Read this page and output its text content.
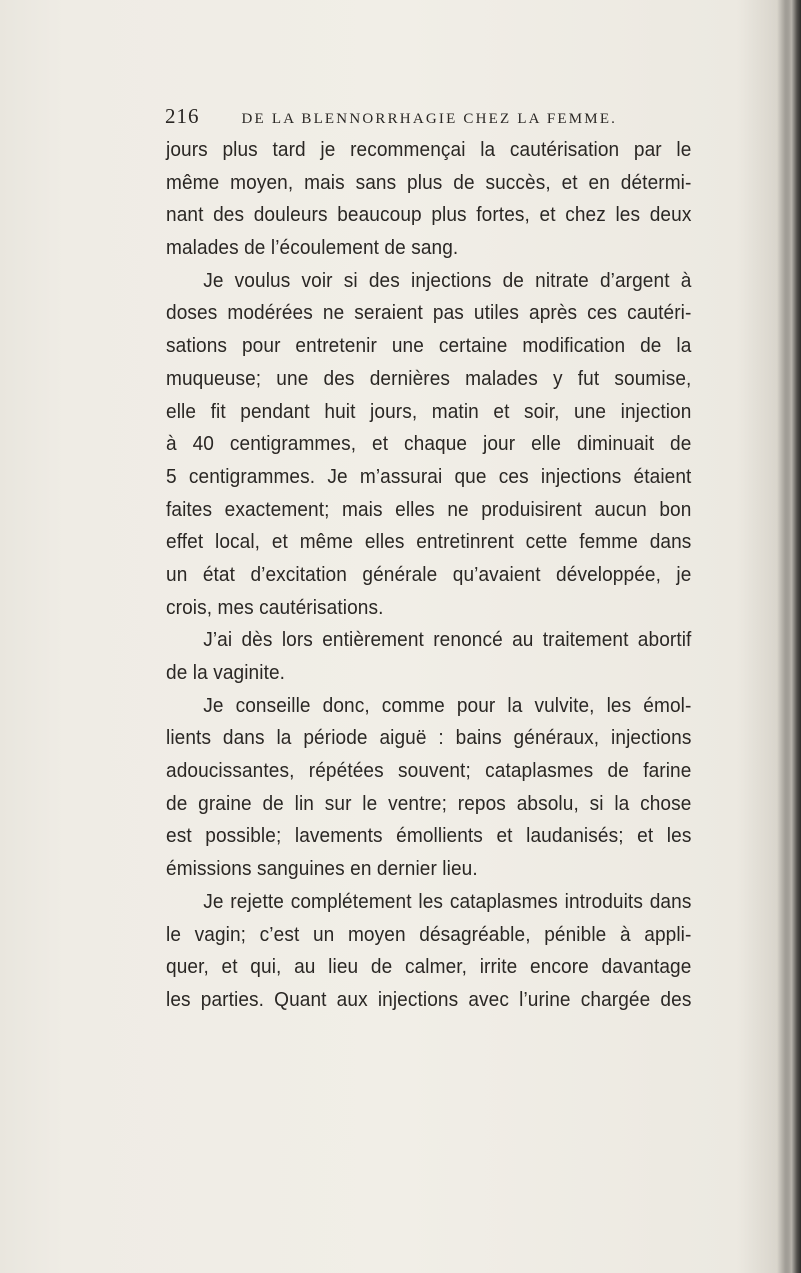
216	DE LA BLENNORRHAGIE CHEZ LA FEMME.
jours plus tard je recommençai la cautérisation par le
même moyen, mais sans plus de succès, et en détermi-
nant des douleurs beaucoup plus fortes, et chez les deux
malades de l’écoulement de sang.
Je voulus voir si des injections de nitrate d’argent à
doses modérées ne seraient pas utiles après ces cautéri-
sations pour entretenir une certaine modification de la
muqueuse; une des dernières malades y fut soumise,
elle fit pendant huit jours, matin et soir, une injection
à 40 centigrammes, et chaque jour elle diminuait de
5 centigrammes. Je m’assurai que ces injections étaient
faites exactement; mais elles ne produisirent aucun bon
effet local, et même elles entretinrent cette femme dans
un état d’excitation générale qu’avaient développée, je
crois, mes cautérisations.
J’ai dès lors entièrement renoncé au traitement abortif
de la vaginite.
Je conseille donc, comme pour la vulvite, les émol-
lients dans la période aiguë : bains généraux, injections
adoucissantes, répétées souvent; cataplasmes de farine
de graine de lin sur le ventre; repos absolu, si la chose
est possible; lavements émollients et laudanisés; et les
émissions sanguines en dernier lieu.
Je rejette complétement les cataplasmes introduits dans
le vagin; c’est un moyen désagréable, pénible à appli-
quer, et qui, au lieu de calmer, irrite encore davantage
les parties. Quant aux injections avec l’urine chargée des
